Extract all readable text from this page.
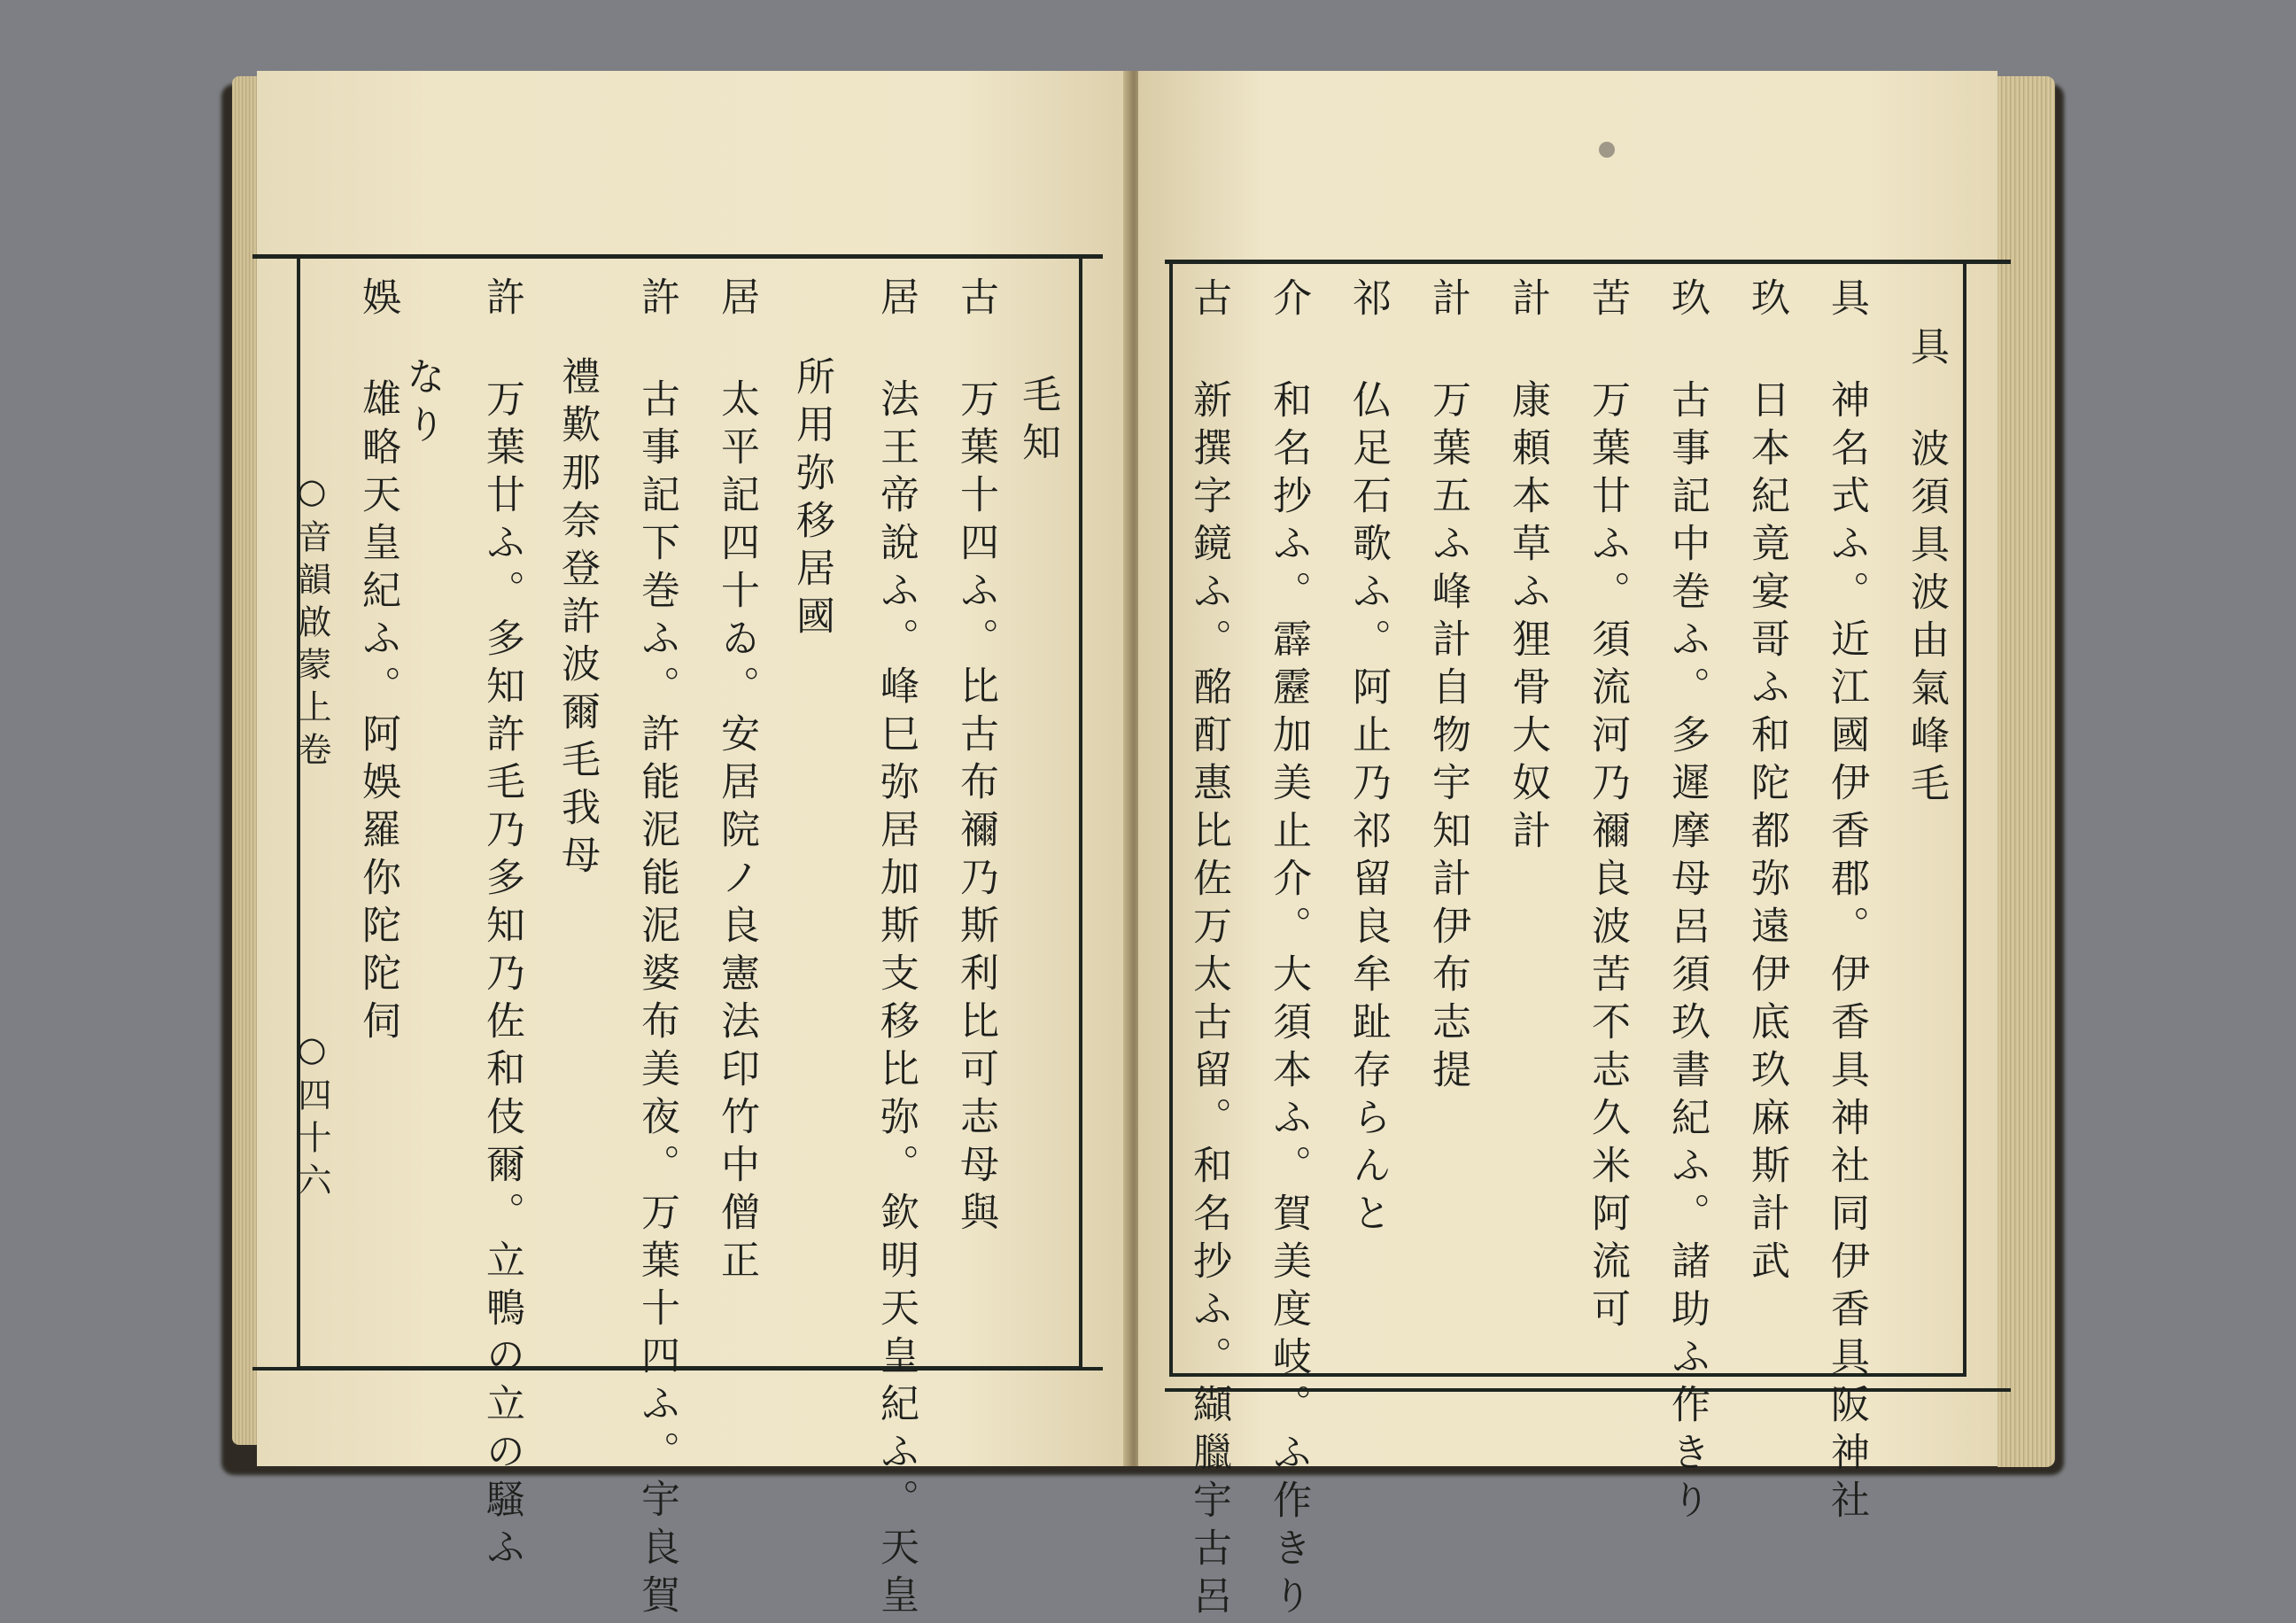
○音韻啟蒙上卷
○四十六
毛知
古 万葉十四ふ。比古布禰乃斯利比可志母與
居 法王帝說ふ。峰巳弥居加斯支移比弥。欽明天皇紀ふ。天皇
所用弥移居國
居 太平記四十ゐ。安居院ノ良憲法印竹中僧正
許 古事記下巻ふ。許能泥能泥婆布美夜。万葉十四ふ。宇良賀
禮歎那奈登許波爾毛我母
許 万葉廿ふ。多知許毛乃多知乃佐和伎爾。立鴨の立の騷ふ
なり
娛 雄略天皇紀ふ。阿娛羅你陀陀伺	具 波須具波由氣峰毛
具 神名式ふ。近江國伊香郡。伊香具神社同伊香具阪神社
玖 日本紀竟宴哥ふ和陀都弥遠伊底玖麻斯計武
玖 古事記中巻ふ。多遲摩母呂須玖書紀ふ。諸助ふ作きり
苦 万葉廿ふ。須流河乃禰良波苦不志久米阿流可
計 康頼本草ふ狸骨大奴計
計 万葉五ふ峰計自物宇知計伊布志提
祁 仏足石歌ふ。阿止乃祁留良牟趾存らんと
介 和名抄ふ。霹靂加美止介。大須本ふ。賀美度岐。ふ作きり
古 新撰字鏡ふ。酩酊惠比佐万太古留。和名抄ふ。纈臘宇古呂
